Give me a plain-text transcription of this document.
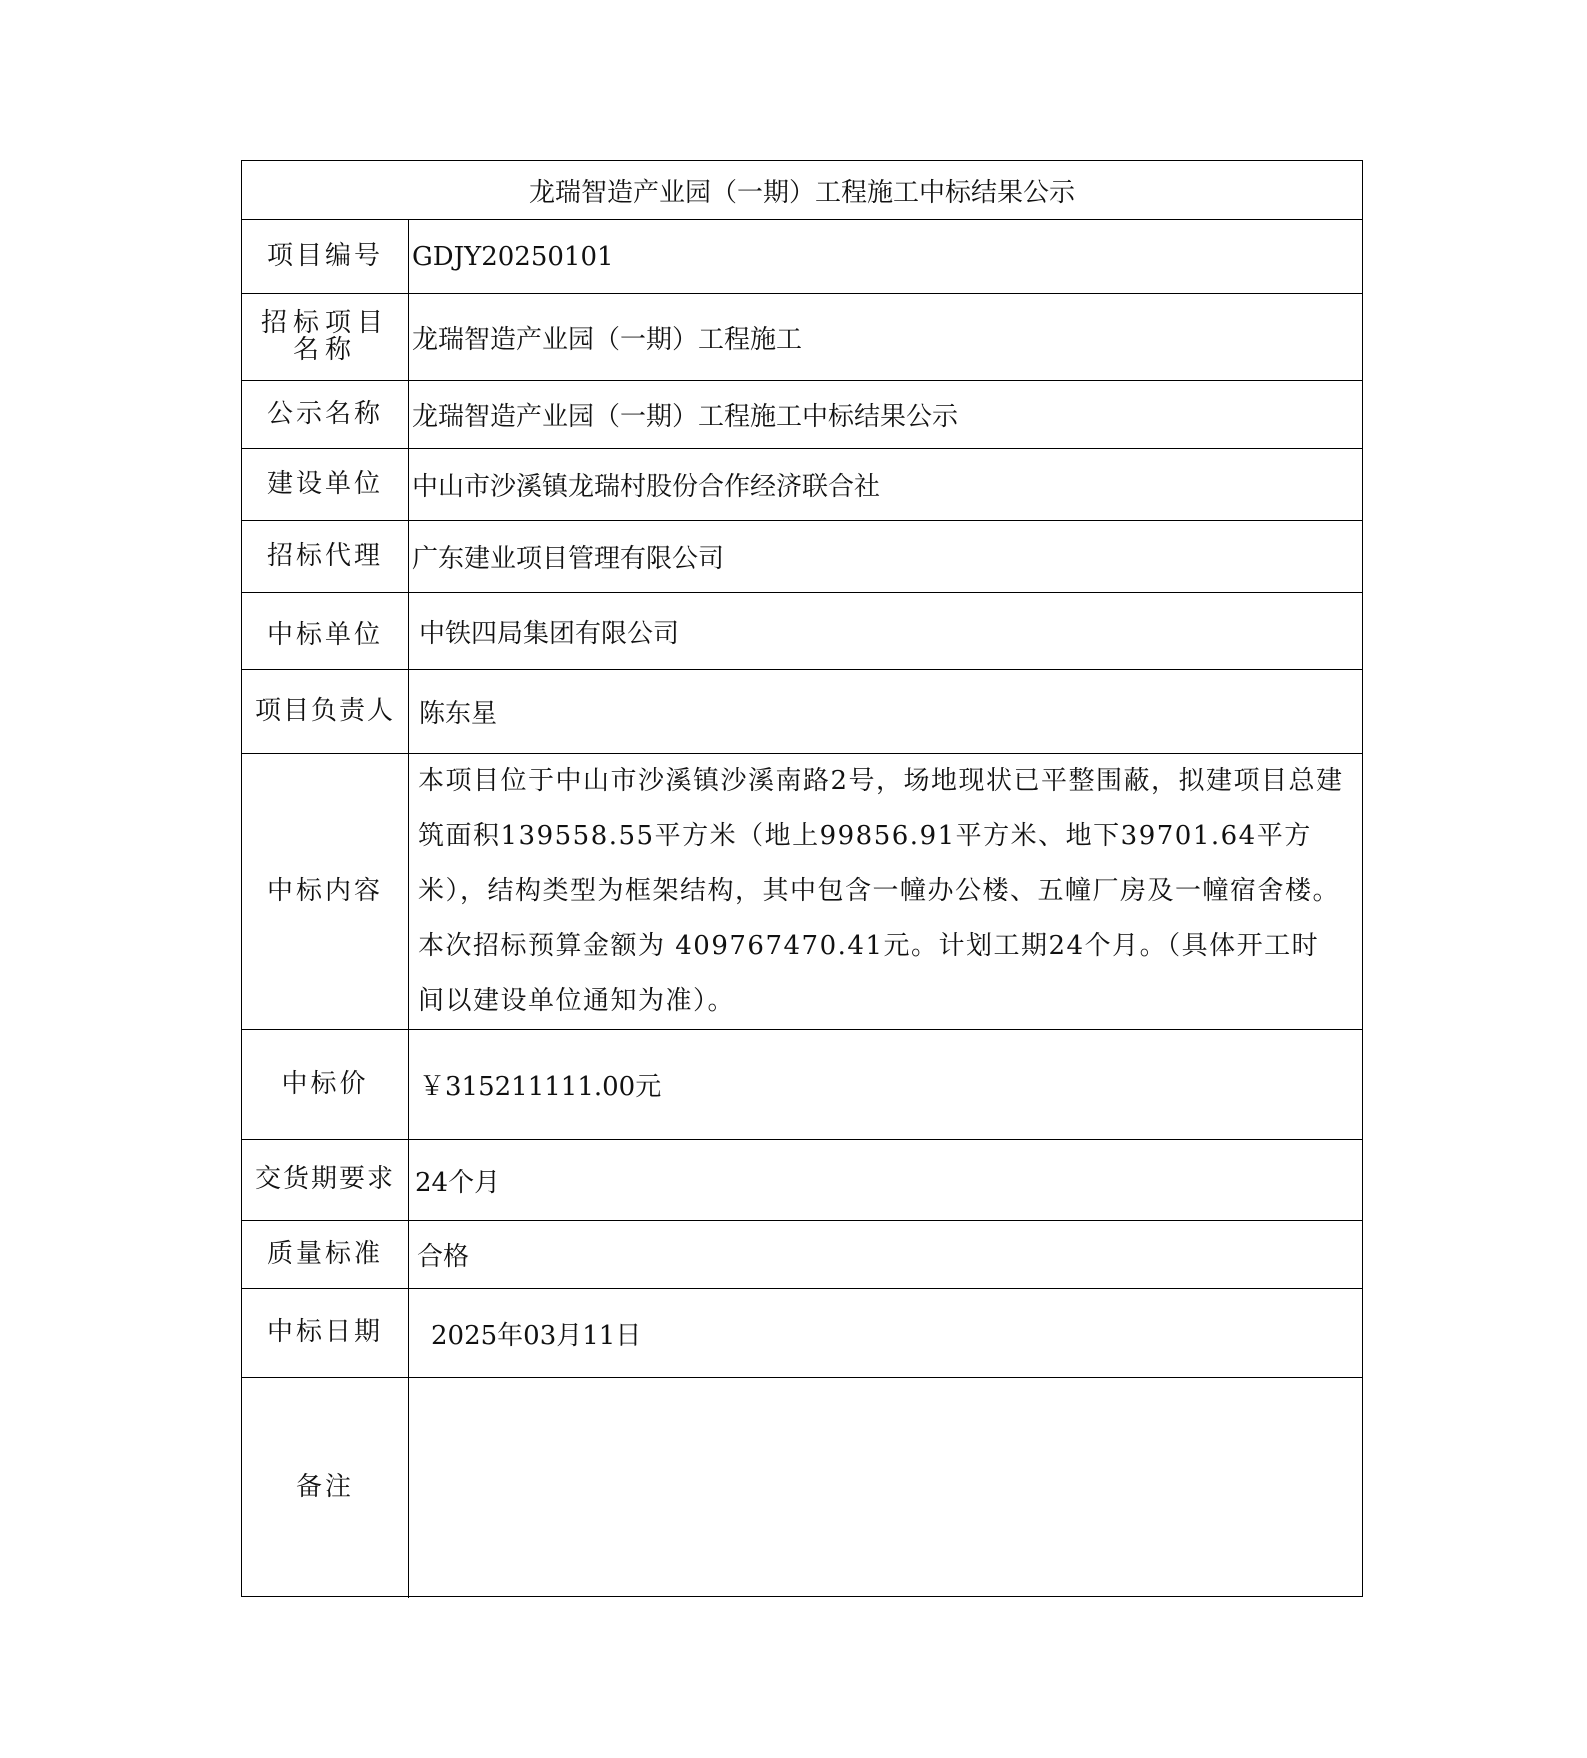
龙瑞智造产业园（一期）工程施工中标结果公示
项目编号	GDJY20250101
招标项目名称	龙瑞智造产业园（一期）工程施工
公示名称	龙瑞智造产业园（一期）工程施工中标结果公示
建设单位	中山市沙溪镇龙瑞村股份合作经济联合社
招标代理	广东建业项目管理有限公司
中标单位	中铁四局集团有限公司
项目负责人 陈东星
中标内容
本项目位于中山市沙溪镇沙溪南路2号，场地现状已平整围蔽，拟建项目总建筑面积139558.55平方米（地上99856.91平方米、地下39701.64平方米），结构类型为框架结构，其中包含一幢办公楼、五幢厂房及一幢宿舍楼。本次招标预算金额为 409767470.41元。计划工期24个月。（具体开工时间以建设单位通知为准）。
中标价	￥315211111.00元
交货期要求 24个月
质量标准	合格
中标日期	2025年03月11日
备注
